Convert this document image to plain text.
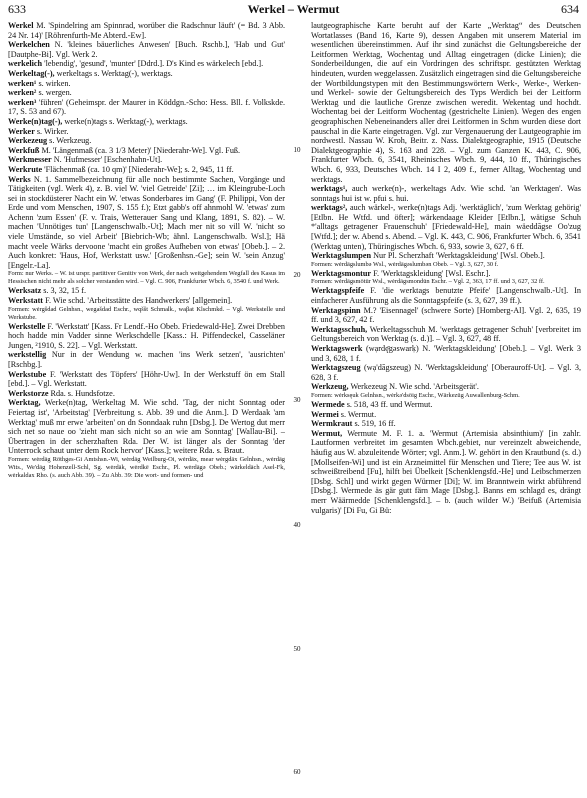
633	Werkel – Wermut	634

Werkel M. 'Spindelring am Spinnrad, worüber die Radschnur läuft' (= Bd. 3 Abb. 24 Nr. 14)' [Röhrenfurth-Me Abterd.-Ew].

Werkelchen N. 'kleines bäuerliches Anwesen' [Buch. Rschb.], 'Hab und Gut' [Dautphe-Bi]. Vgl. Werk 2.

werkelich 'lebendig', 'gesund', 'munter' [Ddrd.]. D's Kind es wärkelech [ebd.].

Werkeltag(-), werkeltags s. Werktag(-), werktags.

werken¹ s. wirken.

werken² s. wergen.

werken³ 'führen' (Geheimspr. der Maurer in Köddgn.-Scho: Hess. Bll. f. Volkskde. 17, S. 53 and 67).

Werke(n)tag(-), werke(n)tags s. Werktag(-), werktags.

Werker s. Wirker.

Werkezeug s. Werkzeug.

Werkfuß M. 'Längenmaß (ca. 3 1/3 Meter)' [Niederahr-We]. Vgl. Fuß.

Werkmesser N. 'Hufmesser' [Eschenhahn-Ut].

Werkrute 'Flächenmaß (ca. 10 qm)' [Niederahr-We]; s. 2, 945, 11 ff.

Werks N. 1. Sammelbezeichnung für alle noch bestimmte Sachen, Vorgänge und Tätigkeiten (vgl. Werk 4), z. B. viel W. 'viel Getreide' [Zi]; … im Kleingrube-Loch sei in stockdüsterer Nacht ein W. 'etwas Sonderbares im Gang' (F. Philippi, Von der Erde und vom Menschen, 1907, S. 155 f.); Etzt gabb's off ahnmohl W. 'etwas' zum Achenn 'zum Essen' (F. v. Trais, Wetterauer Sang und Klang, 1891, S. 82). – W. machen 'Unnötiges tun' [Langenschwalb.-Ut]; Mach mer nit so vill W. 'nicht so viele Umstände, so viel Arbeit' [Biebrich-Wb; ähnl. Langenschwalb. Wsl.]; Hä macht veele Wärks dervoone 'macht ein großes Aufheben von etwas' [Obeb.]. – 2. Auch konkret: 'Haus, Hof, Werkstatt usw.' [Großenhsn.-Ge]; sein W. 'sein Anzug' [Engelr.-La].

Form: nur Werks. – W. ist urspr. partitiver Genitiv von Werk, der nach weitgehendem Wegfall des Kasus im Hessischen nicht mehr als solcher verstanden wird. – Vgl. C. 906, Frankfurter Wbch. 6, 3540 f. und Werk.

Werksatz s. 3, 32, 15 f.

Werkstatt F. Wie schd. 'Arbeitsstätte des Handwerkers' [allgemein].

Formen: wėrgšdad Gelnhsn., wegašdad Eschr., wqššt Schmalk., waβat Klschmkd. – Vgl. Werkstelle und Werkstube.

Werkstelle F. 'Werkstatt' [Kass. Fr Lendf.-Ho Obeb. Friedewald-He]. Zwei Drebben hoch hadde min Vadder sinne Werkschdelle [Kass.: H. Piffendeckel, Casseläner Jungen, ²1910, S. 22]. – Vgl. Werkstatt.

werkstellig Nur in der Wendung w. machen 'ins Werk setzen', 'ausrichten' [Rschbg.].

Werkstube F. 'Werkstatt des Töpfers' [Höhr-Uw]. In der Werkstuff ön em Stall [ebd.]. – Vgl. Werkstatt.

Werkstorze Rda. s. Hundsfotze.

Werktag, Werke(n)tag, Werkeltag M. Wie schd. 'Tag, der nicht Sonntag oder Feiertag ist', 'Arbeitstag' [Verbreitung s. Abb. 39 und die Anm.]. D Werdaak 'am Werktag' muß mr erwe 'arbeiten' on dn Sonndaak ruhn [Dsbg.]. De Wertog dut merr sich net so naue oo 'zieht man sich nicht so an wie am Sonntag' [Wallau-Bi]. – Übertragen in der scherzhaften Rda. Der W. ist länger als der Sonntag 'der Unterrock schaut unter dem Rock hervor' [Kass.]; weitere Rda. s. Braut.

Formen: wėrdāg Röthges-Gi Amtshsn.-Wi, wėrdāg Weilburg-Oi, wėrdāx, mear wėrgdāx Gelnhsn., wėrdāg Wits., We'dāg Hohenzell-Schl, Sg. wėrdāk, wėrdkē Eschr., Pl. wėrdāgə Obeb.; wärkeldāch Asel-Fk, wėrkaldax Rho. (s. auch Abb. 39). – Zu Abb. 39: Die wort- und formen- und

10
20
30
40
50
60

lautgeographische Karte beruht auf der Karte „Werktag“ des Deutschen Wortatlasses (Band 16, Karte 9), dessen Angaben mit unserem Material im wesentlichen übereinstimmen. Auf ihr sind zunächst die Geltungsbereiche der Leitformen Werktag, Wochentag und Alltag eingetragen (dicke Linien); die Sonderbeildungen, die auf ein Vordringen des schriftspr. gestützten Werktag hindeuten, wurden weggelassen. Zusätzlich eingetragen sind die Geltungsbereiche der Wortbildungstypen mit den Bestimmungswörtern Werk-, Werke-, Werken- und Werkel- sowie der Geltungsbereich des Typs Werdich bei der Leitform Werktag und die lautliche Grenze zwischen weredit. Wekentag und hochdt. Wochentag bei der Leitform Wochentag (gestrichelte Linien). Wegen des engen geographischen Nebeneinanders aller drei Leitformen in Schm wurden diese dort pauschal in die Karte eingetragen. Vgl. zur Vergenauerung der Lautgeographie im nordwestl. Nassau W. Kroh, Beitr. z. Nass. Dialektgeographie, 1915 (Deutsche Dialektgeographie 4), S. 163 and 228. – Vgl. zum Ganzen K. 443, C. 906, Frankfurter Wbch. 6, 3541, Rheinisches Wbch. 9, 444, 10 ff., Thüringisches Wbch. 6, 933, Deutsches Wbch. 14 I 2, 409 f., ferner Alltag, Wochentag und werktags.

werktags¹, auch werke(n)-, werkeltags Adv. Wie schd. 'an Werktagen'. Was sonntags hui ist w. pfui s. hui.

werktags², auch wärkel-, werke(n)tags Adj. 'werktäglich', 'zum Werktag gehörig' [Etlbn. He Wtfd. und öfter]; wärkendaage Kleider [Etlbn.], wätigse Schuh *'alltags getragener Frauenschuh' [Friedewald-He], main wäeddāgse Oo'zug [Wtfd.]; der w. Abend s. Abend. – Vgl. K. 443, C. 906, Frankfurter Wbch. 6, 3541 (Werktag unten), Thüringisches Wbch. 6, 933, sowie 3, 627, 6 ff.

Werktagslumpen Nur Pl. Scherzhaft 'Werktagskleidung' [Wsl. Obeb.].

Formen: wėrdāgslumbə Wsl., wėrdāgəslumbən Obeb. – Vgl. 3, 627, 30 f.

Werktagsmontur F. 'Werktagskleidung' [Wsl. Eschr.].

Formen: wėrdāgsmōtūr Wsl., wėrdāgsmondūn Eschr. – Vgl. 2, 363, 17 ff. und 3, 627, 32 ff.

Werktagspfeife F. 'die werktags benutzte Pfeife' [Langenschwalb.-Ut]. In einfacherer Ausführung als die Sonntagspfeife (s. 3, 627, 39 ff.).

Werktagspinn M.? 'Eisennagel' (schwere Sorte) [Homberg-Al]. Vgl. 2, 635, 19 ff. und 3, 627, 42 f.

Werktagsschuh, Werkeltagsschuh M. 'werktags getragener Schuh' [verbreitet im Geltungsbereich von Werktag (s. d.)]. – Vgl. 3, 627, 48 ff.

Werktagswerk (wạrdę̄gəswarḳ) N. 'Werktagskleidung' [Obeb.]. – Vgl. Werk 3 und 3, 628, 1 f.

Werktagszeug (wạ'dāgszeug) N. 'Werktagskleidung' [Oberauroff-Ut]. – Vgl. 3, 628, 3 f.

Werkzeug, Werkezeug N. Wie schd. 'Arbeitsgerät'.

Formen: wėrksęuk Gelnhsn., wėrkə'dsöig Eschr., Wärkezüg Auwallenburg-Schm.

Wermede s. 518, 43 ff. und Wermut.

Wermei s. Wermut.

Wermkraut s. 519, 16 ff.

Wermut, Wermute M. F. 1. a. 'Wermut (Artemisia absinthium)' [in zahlr. Lautformen verbreitet im gesamten Wbch.gebiet, nur vereinzelt abweichende, häufig aus W. abzuleitende Wörter; vgl. Anm.]. W. gehört in den Krautbund (s. d.) [Mollseifen-Wi] und ist ein Arzneimittel für Menschen und Tiere; Tee aus W. ist schweißtreibend [Fu], hilft bei Übelkeit [Schenklengsfd.-He] und Leibschmerzen [Dsbg. Schl] und wirkt gegen Würmer [Di]; W. im Branntwein wirkt abführend [Dsbg.]. Wermede äs gär gutt färn Mage [Dsbg.]. Banns em schlagd es, drängt merr Wäärmedde [Schenklengsfd.]. – b. (auch wilder W.) 'Beifuß (Artemisia vulgaris)' [Di Fu, Gi Bü:
